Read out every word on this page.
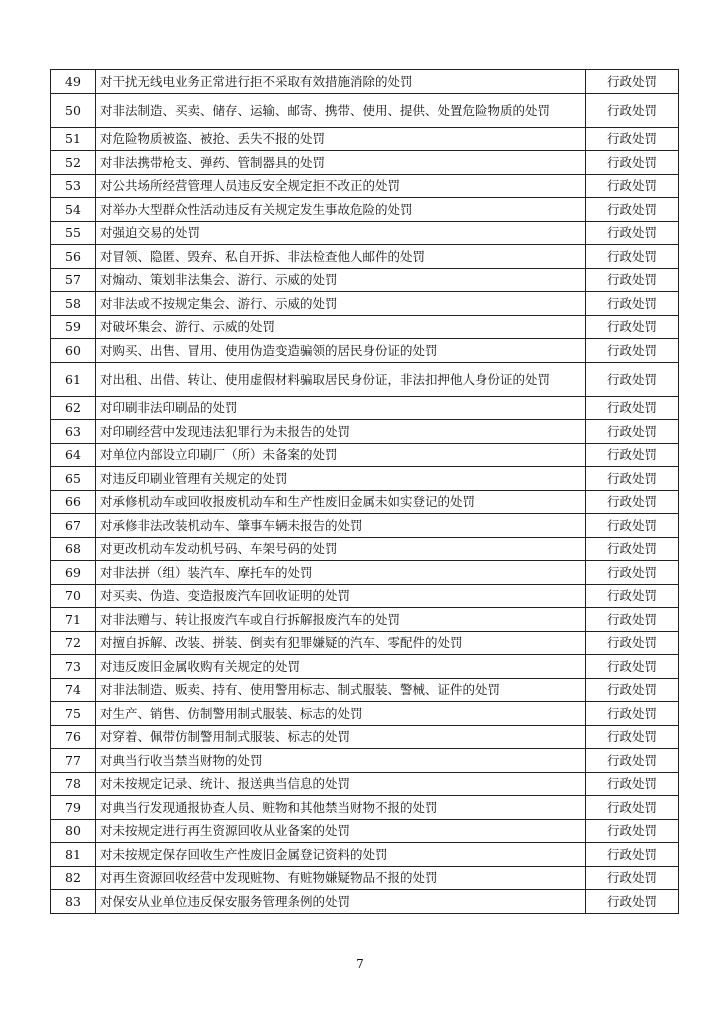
49	对干扰无线电业务正常进行拒不采取有效措施消除的处罚	行政处罚
50	对非法制造、买卖、储存、运输、邮寄、携带、使用、提供、处置危险物质的处罚	行政处罚
51	对危险物质被盗、被抢、丢失不报的处罚	行政处罚
52	对非法携带枪支、弹药、管制器具的处罚	行政处罚
53	对公共场所经营管理人员违反安全规定拒不改正的处罚	行政处罚
54	对举办大型群众性活动违反有关规定发生事故危险的处罚	行政处罚
55	对强迫交易的处罚	行政处罚
56	对冒领、隐匿、毁弃、私自开拆、非法检查他人邮件的处罚	行政处罚
57	对煽动、策划非法集会、游行、示威的处罚	行政处罚
58	对非法或不按规定集会、游行、示威的处罚	行政处罚
59	对破坏集会、游行、示威的处罚	行政处罚
60	对购买、出售、冒用、使用伪造变造骗领的居民身份证的处罚	行政处罚
61	对出租、出借、转让、使用虚假材料骗取居民身份证，非法扣押他人身份证的处罚	行政处罚
62	对印刷非法印刷品的处罚	行政处罚
63	对印刷经营中发现违法犯罪行为未报告的处罚	行政处罚
64	对单位内部设立印刷厂（所）未备案的处罚	行政处罚
65	对违反印刷业管理有关规定的处罚	行政处罚
66	对承修机动车或回收报废机动车和生产性废旧金属未如实登记的处罚	行政处罚
67	对承修非法改装机动车、肇事车辆未报告的处罚	行政处罚
68	对更改机动车发动机号码、车架号码的处罚	行政处罚
69	对非法拼（组）装汽车、摩托车的处罚	行政处罚
70	对买卖、伪造、变造报废汽车回收证明的处罚	行政处罚
71	对非法赠与、转让报废汽车或自行拆解报废汽车的处罚	行政处罚
72	对擅自拆解、改装、拼装、倒卖有犯罪嫌疑的汽车、零配件的处罚	行政处罚
73	对违反废旧金属收购有关规定的处罚	行政处罚
74	对非法制造、贩卖、持有、使用警用标志、制式服装、警械、证件的处罚	行政处罚
75	对生产、销售、仿制警用制式服装、标志的处罚	行政处罚
76	对穿着、佩带仿制警用制式服装、标志的处罚	行政处罚
77	对典当行收当禁当财物的处罚	行政处罚
78	对未按规定记录、统计、报送典当信息的处罚	行政处罚
79	对典当行发现通报协查人员、赃物和其他禁当财物不报的处罚	行政处罚
80	对未按规定进行再生资源回收从业备案的处罚	行政处罚
81	对未按规定保存回收生产性废旧金属登记资料的处罚	行政处罚
82	对再生资源回收经营中发现赃物、有赃物嫌疑物品不报的处罚	行政处罚
83	对保安从业单位违反保安服务管理条例的处罚	行政处罚
7
